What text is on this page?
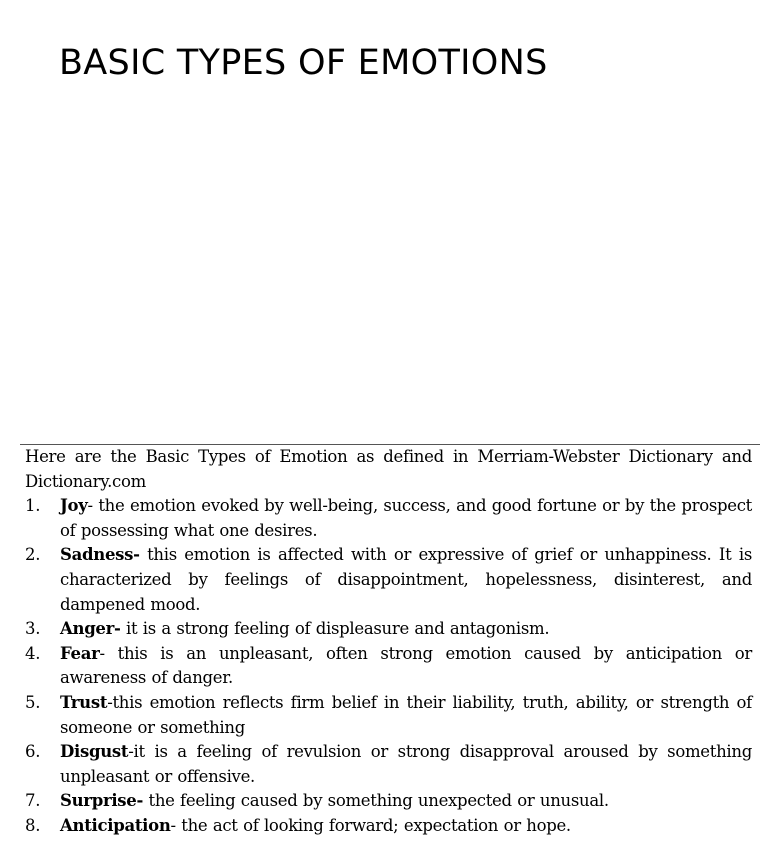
BASIC TYPES OF EMOTIONS

Here are the Basic Types of Emotion as defined in Merriam-Webster Dictionary and Dictionary.com

1. Joy- the emotion evoked by well-being, success, and good fortune or by the prospect of possessing what one desires.
2. Sadness- this emotion is affected with or expressive of grief or unhappiness. It is characterized by feelings of disappointment, hopelessness, disinterest, and dampened mood.
3. Anger- it is a strong feeling of displeasure and antagonism.
4. Fear- this is an unpleasant, often strong emotion caused by anticipation or awareness of danger.
5. Trust-this emotion reflects firm belief in their liability, truth, ability, or strength of someone or something
6. Disgust-it is a feeling of revulsion or strong disapproval aroused by something unpleasant or offensive.
7. Surprise- the feeling caused by something unexpected or unusual.
8. Anticipation- the act of looking forward; expectation or hope.
